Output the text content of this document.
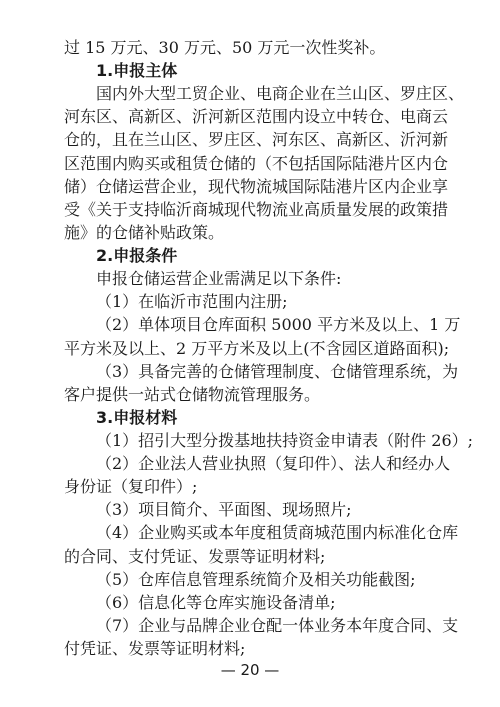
过 15 万元、30 万元、50 万元一次性奖补。
1.申报主体
国内外大型工贸企业、电商企业在兰山区、罗庄区、
河东区、高新区、沂河新区范围内设立中转仓、电商云
仓的，且在兰山区、罗庄区、河东区、高新区、沂河新
区范围内购买或租赁仓储的（不包括国际陆港片区内仓
储）仓储运营企业，现代物流城国际陆港片区内企业享
受《关于支持临沂商城现代物流业高质量发展的政策措
施》的仓储补贴政策。
2.申报条件
申报仓储运营企业需满足以下条件:
（1）在临沂市范围内注册;
（2）单体项目仓库面积 5000 平方米及以上、1 万
平方米及以上、2 万平方米及以上(不含园区道路面积);
（3）具备完善的仓储管理制度、仓储管理系统，为
客户提供一站式仓储物流管理服务。
3.申报材料
（1）招引大型分拨基地扶持资金申请表（附件 26）;
（2）企业法人营业执照（复印件）、法人和经办人
身份证（复印件）;
（3）项目简介、平面图、现场照片;
（4）企业购买或本年度租赁商城范围内标准化仓库
的合同、支付凭证、发票等证明材料;
（5）仓库信息管理系统简介及相关功能截图;
（6）信息化等仓库实施设备清单;
（7）企业与品牌企业仓配一体业务本年度合同、支
付凭证、发票等证明材料;
— 20 —
